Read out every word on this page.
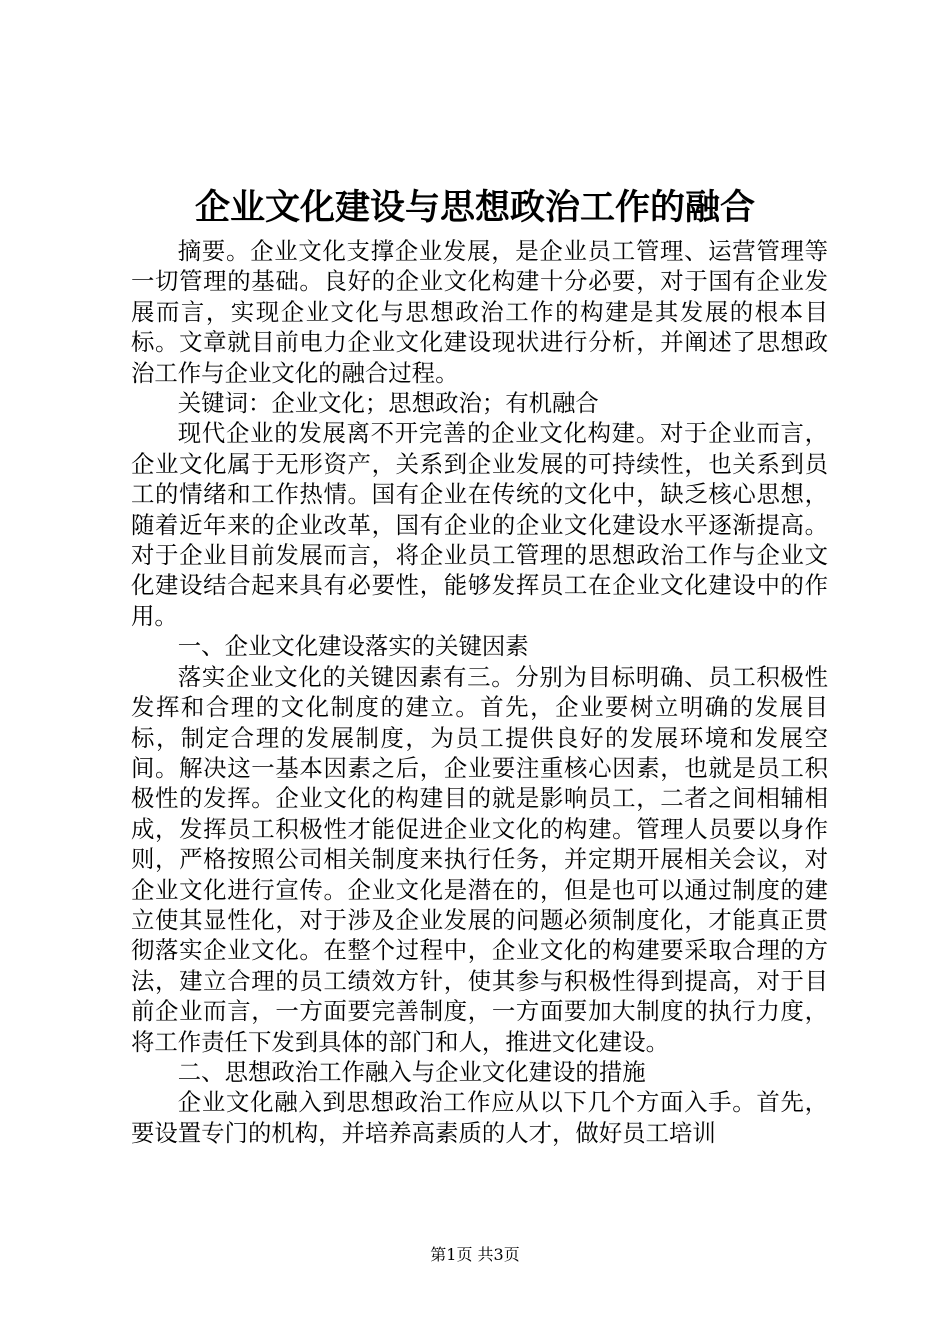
企业文化建设与思想政治工作的融合

摘要。企业文化支撑企业发展，是企业员工管理、运营管理等一切管理的基础。良好的企业文化构建十分必要，对于国有企业发展而言，实现企业文化与思想政治工作的构建是其发展的根本目标。文章就目前电力企业文化建设现状进行分析，并阐述了思想政治工作与企业文化的融合过程。

关键词：企业文化；思想政治；有机融合

现代企业的发展离不开完善的企业文化构建。对于企业而言，企业文化属于无形资产，关系到企业发展的可持续性，也关系到员工的情绪和工作热情。国有企业在传统的文化中，缺乏核心思想，随着近年来的企业改革，国有企业的企业文化建设水平逐渐提高。对于企业目前发展而言，将企业员工管理的思想政治工作与企业文化建设结合起来具有必要性，能够发挥员工在企业文化建设中的作用。

一、企业文化建设落实的关键因素

落实企业文化的关键因素有三。分别为目标明确、员工积极性发挥和合理的文化制度的建立。首先，企业要树立明确的发展目标，制定合理的发展制度，为员工提供良好的发展环境和发展空间。解决这一基本因素之后，企业要注重核心因素，也就是员工积极性的发挥。企业文化的构建目的就是影响员工，二者之间相辅相成，发挥员工积极性才能促进企业文化的构建。管理人员要以身作则，严格按照公司相关制度来执行任务，并定期开展相关会议，对企业文化进行宣传。企业文化是潜在的，但是也可以通过制度的建立使其显性化，对于涉及企业发展的问题必须制度化，才能真正贯彻落实企业文化。在整个过程中，企业文化的构建要采取合理的方法，建立合理的员工绩效方针，使其参与积极性得到提高，对于目前企业而言，一方面要完善制度，一方面要加大制度的执行力度，将工作责任下发到具体的部门和人，推进文化建设。

二、思想政治工作融入与企业文化建设的措施

企业文化融入到思想政治工作应从以下几个方面入手。首先，要设置专门的机构，并培养高素质的人才，做好员工培训

第1页 共3页
